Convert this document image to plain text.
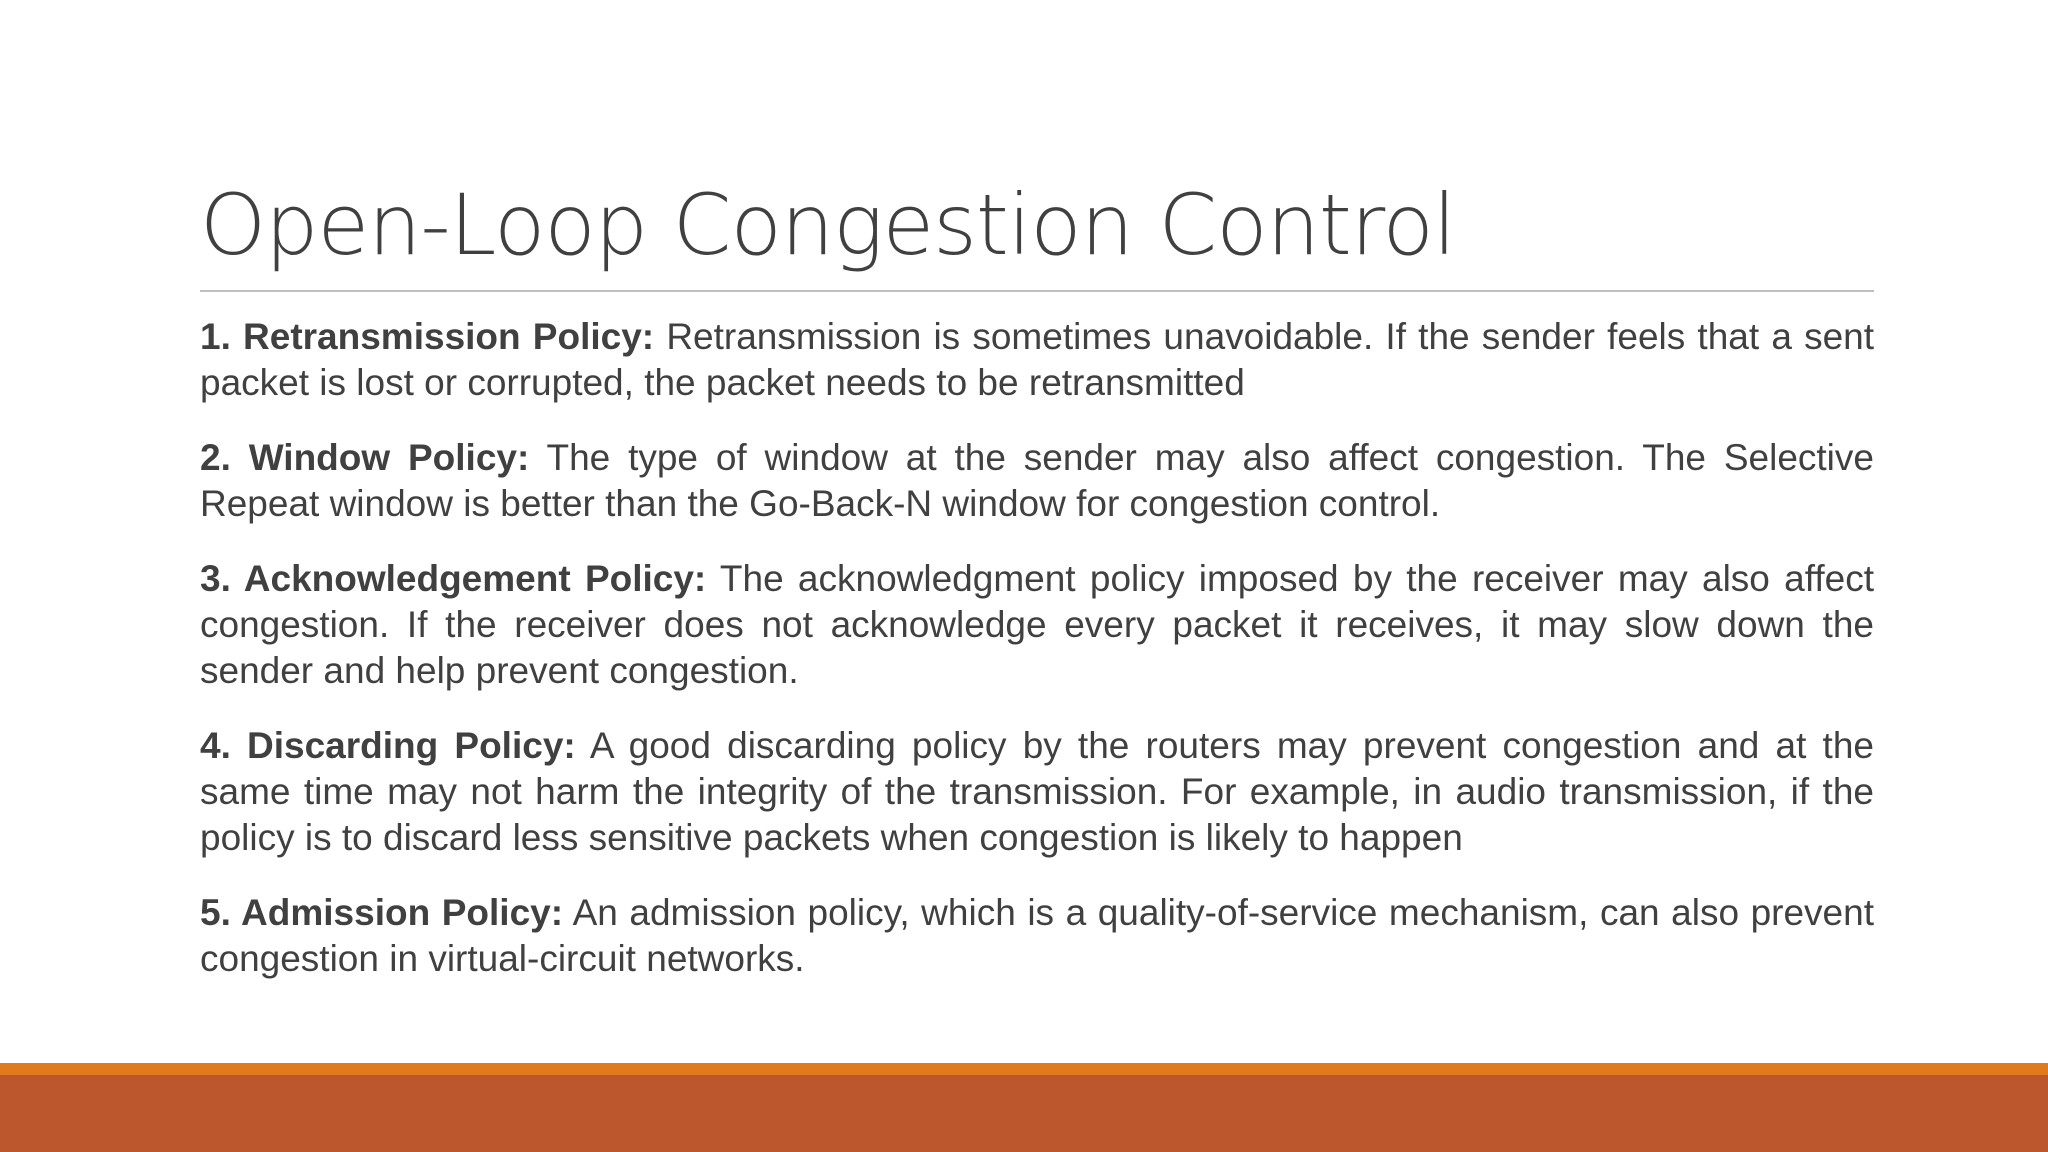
Open-Loop Congestion Control
1. Retransmission Policy: Retransmission is sometimes unavoidable. If the sender feels that a sent packet is lost or corrupted, the packet needs to be retransmitted
2. Window Policy: The type of window at the sender may also affect congestion. The Selective Repeat window is better than the Go-Back-N window for congestion control.
3. Acknowledgement Policy: The acknowledgment policy imposed by the receiver may also affect congestion. If the receiver does not acknowledge every packet it receives, it may slow down the sender and help prevent congestion.
4. Discarding Policy: A good discarding policy by the routers may prevent congestion and at the same time may not harm the integrity of the transmission. For example, in audio transmission, if the policy is to discard less sensitive packets when congestion is likely to happen
5. Admission Policy: An admission policy, which is a quality-of-service mechanism, can also prevent congestion in virtual-circuit networks.
